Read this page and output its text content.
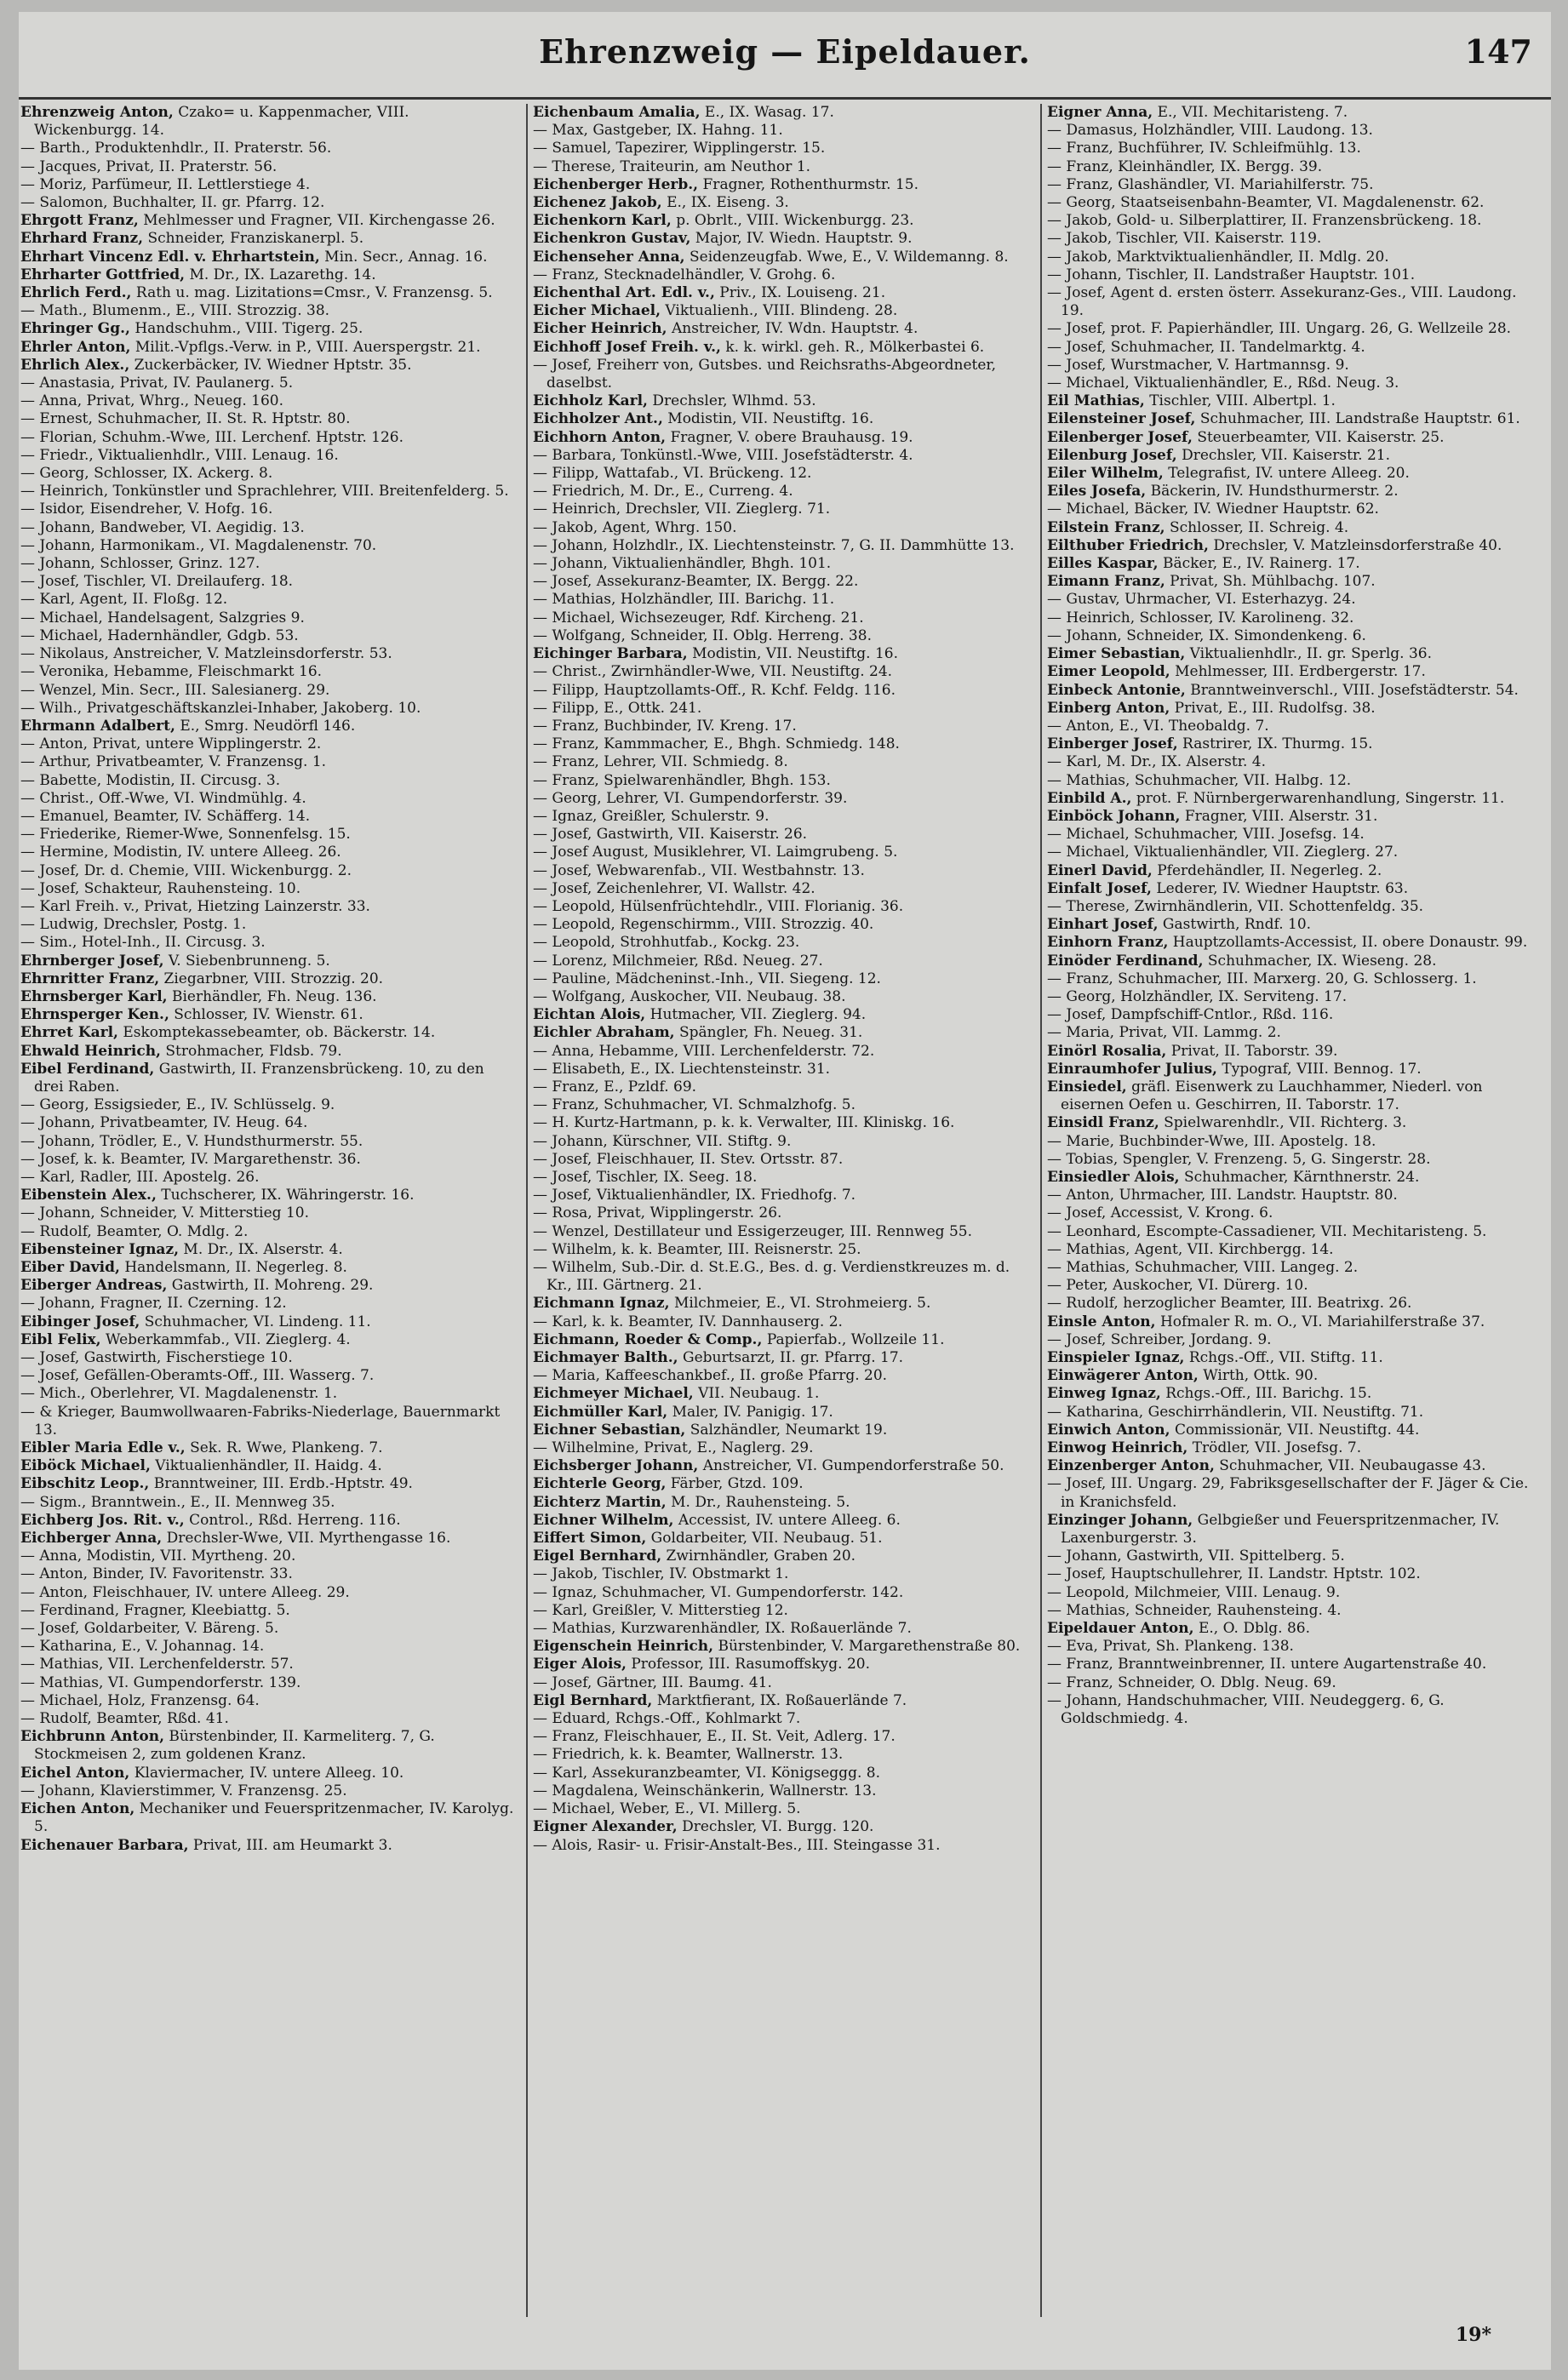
Ehrenzweig — Eipeldauer.	147

Ehrenzweig Anton, Czako= u. Kappenmacher, VIII. Wickenburgg. 14.

— Barth., Produktenhdlr., II. Praterstr. 56.

— Jacques, Privat, II. Praterstr. 56.

— Moriz, Parfümeur, II. Lettlerstiege 4.

— Salomon, Buchhalter, II. gr. Pfarrg. 12.

Ehrgott Franz, Mehlmesser und Fragner, VII. Kirchengasse 26.

Ehrhard Franz, Schneider, Franziskanerpl. 5.

Ehrhart Vincenz Edl. v. Ehrhartstein, Min. Secr., Annag. 16.

Ehrharter Gottfried, M. Dr., IX. Lazarethg. 14.

Ehrlich Ferd., Rath u. mag. Lizitations=Cmsr., V. Franzensg. 5.

— Math., Blumenm., E., VIII. Strozzig. 38.

Ehringer Gg., Handschuhm., VIII. Tigerg. 25.

Ehrler Anton, Milit.-Vpflgs.-Verw. in P., VIII. Auerspergstr. 21.

Ehrlich Alex., Zuckerbäcker, IV. Wiedner Hptstr. 35.

— Anastasia, Privat, IV. Paulanerg. 5.

— Anna, Privat, Whrg., Neueg. 160.

— Ernest, Schuhmacher, II. St. R. Hptstr. 80.

— Florian, Schuhm.-Wwe, III. Lerchenf. Hptstr. 126.

— Friedr., Viktualienhdlr., VIII. Lenaug. 16.

— Georg, Schlosser, IX. Ackerg. 8.

— Heinrich, Tonkünstler und Sprachlehrer, VIII. Breitenfelderg. 5.

— Isidor, Eisendreher, V. Hofg. 16.

— Johann, Bandweber, VI. Aegidig. 13.

— Johann, Harmonikam., VI. Magdalenenstr. 70.

— Johann, Schlosser, Grinz. 127.

— Josef, Tischler, VI. Dreilauferg. 18.

— Karl, Agent, II. Floßg. 12.

— Michael, Handelsagent, Salzgries 9.

— Michael, Hadernhändler, Gdgb. 53.

— Nikolaus, Anstreicher, V. Matzleinsdorferstr. 53.

— Veronika, Hebamme, Fleischmarkt 16.

— Wenzel, Min. Secr., III. Salesianerg. 29.

— Wilh., Privatgeschäftskanzlei-Inhaber, Jakoberg. 10.

Ehrmann Adalbert, E., Smrg. Neudörfl 146.

— Anton, Privat, untere Wipplingerstr. 2.

— Arthur, Privatbeamter, V. Franzensg. 1.

— Babette, Modistin, II. Circusg. 3.

— Christ., Off.-Wwe, VI. Windmühlg. 4.

— Emanuel, Beamter, IV. Schäfferg. 14.

— Friederike, Riemer-Wwe, Sonnenfelsg. 15.

— Hermine, Modistin, IV. untere Alleeg. 26.

— Josef, Dr. d. Chemie, VIII. Wickenburgg. 2.

— Josef, Schakteur, Rauhensteing. 10.

— Karl Freih. v., Privat, Hietzing Lainzerstr. 33.

— Ludwig, Drechsler, Postg. 1.

— Sim., Hotel-Inh., II. Circusg. 3.

Ehrnberger Josef, V. Siebenbrunneng. 5.

Ehrnritter Franz, Ziegarbner, VIII. Strozzig. 20.

Ehrnsberger Karl, Bierhändler, Fh. Neug. 136.

Ehrnsperger Ken., Schlosser, IV. Wienstr. 61.

Ehrret Karl, Eskomptekassebeamter, ob. Bäckerstr. 14.

Ehwald Heinrich, Strohmacher, Fldsb. 79.

Eibel Ferdinand, Gastwirth, II. Franzensbrückeng. 10, zu den drei Raben.

— Georg, Essigsieder, E., IV. Schlüsselg. 9.

— Johann, Privatbeamter, IV. Heug. 64.

— Johann, Trödler, E., V. Hundsthurmerstr. 55.

— Josef, k. k. Beamter, IV. Margarethenstr. 36.

— Karl, Radler, III. Apostelg. 26.

Eibenstein Alex., Tuchscherer, IX. Währingerstr. 16.

— Johann, Schneider, V. Mitterstieg 10.

— Rudolf, Beamter, O. Mdlg. 2.

Eibensteiner Ignaz, M. Dr., IX. Alserstr. 4.

Eiber David, Handelsmann, II. Negerleg. 8.

Eiberger Andreas, Gastwirth, II. Mohreng. 29.

— Johann, Fragner, II. Czerning. 12.

Eibinger Josef, Schuhmacher, VI. Lindeng. 11.

Eibl Felix, Weberkammfab., VII. Zieglerg. 4.

— Josef, Gastwirth, Fischerstiege 10.

— Josef, Gefällen-Oberamts-Off., III. Wasserg. 7.

— Mich., Oberlehrer, VI. Magdalenenstr. 1.

— & Krieger, Baumwollwaaren-Fabriks-Niederlage, Bauernmarkt 13.

Eibler Maria Edle v., Sek. R. Wwe, Plankeng. 7.

Eiböck Michael, Viktualienhändler, II. Haidg. 4.

Eibschitz Leop., Branntweiner, III. Erdb.-Hptstr. 49.

— Sigm., Branntwein., E., II. Mennweg 35.

Eichberg Jos. Rit. v., Control., Rßd. Herreng. 116.

Eichberger Anna, Drechsler-Wwe, VII. Myrthengasse 16.

— Anna, Modistin, VII. Myrtheng. 20.

— Anton, Binder, IV. Favoritenstr. 33.

— Anton, Fleischhauer, IV. untere Alleeg. 29.

— Ferdinand, Fragner, Kleebiattg. 5.

— Josef, Goldarbeiter, V. Bäreng. 5.

— Katharina, E., V. Johannag. 14.

— Mathias, VII. Lerchenfelderstr. 57.

— Mathias, VI. Gumpendorferstr. 139.

— Michael, Holz, Franzensg. 64.

— Rudolf, Beamter, Rßd. 41.

Eichbrunn Anton, Bürstenbinder, II. Karmeliterg. 7, G. Stockmeisen 2, zum goldenen Kranz.

Eichel Anton, Klaviermacher, IV. untere Alleeg. 10.

— Johann, Klavierstimmer, V. Franzensg. 25.

Eichen Anton, Mechaniker und Feuerspritzenmacher, IV. Karolyg. 5.

Eichenauer Barbara, Privat, III. am Heumarkt 3.

Eichenbaum Amalia, E., IX. Wasag. 17.

— Max, Gastgeber, IX. Hahng. 11.

— Samuel, Tapezirer, Wipplingerstr. 15.

— Therese, Traiteurin, am Neuthor 1.

Eichenberger Herb., Fragner, Rothenthurmstr. 15.

Eichenez Jakob, E., IX. Eiseng. 3.

Eichenkorn Karl, p. Obrlt., VIII. Wickenburgg. 23.

Eichenkron Gustav, Major, IV. Wiedn. Hauptstr. 9.

Eichenseher Anna, Seidenzeugfab. Wwe, E., V. Wildemanng. 8.

— Franz, Stecknadelhändler, V. Grohg. 6.

Eichenthal Art. Edl. v., Priv., IX. Louiseng. 21.

Eicher Michael, Viktualienh., VIII. Blindeng. 28.

Eicher Heinrich, Anstreicher, IV. Wdn. Hauptstr. 4.

Eichhoff Josef Freih. v., k. k. wirkl. geh. R., Mölkerbastei 6.

— Josef, Freiherr von, Gutsbes. und Reichsraths-Abgeordneter, daselbst.

Eichholz Karl, Drechsler, Wlhmd. 53.

Eichholzer Ant., Modistin, VII. Neustiftg. 16.

Eichhorn Anton, Fragner, V. obere Brauhausg. 19.

— Barbara, Tonkünstl.-Wwe, VIII. Josefstädterstr. 4.

— Filipp, Wattafab., VI. Brückeng. 12.

— Friedrich, M. Dr., E., Curreng. 4.

— Heinrich, Drechsler, VII. Zieglerg. 71.

— Jakob, Agent, Whrg. 150.

— Johann, Holzhdlr., IX. Liechtensteinstr. 7, G. II. Dammhütte 13.

— Johann, Viktualienhändler, Bhgh. 101.

— Josef, Assekuranz-Beamter, IX. Bergg. 22.

— Mathias, Holzhändler, III. Barichg. 11.

— Michael, Wichsezeuger, Rdf. Kircheng. 21.

— Wolfgang, Schneider, II. Oblg. Herreng. 38.

Eichinger Barbara, Modistin, VII. Neustiftg. 16.

— Christ., Zwirnhändler-Wwe, VII. Neustiftg. 24.

— Filipp, Hauptzollamts-Off., R. Kchf. Feldg. 116.

— Filipp, E., Ottk. 241.

— Franz, Buchbinder, IV. Kreng. 17.

— Franz, Kammmacher, E., Bhgh. Schmiedg. 148.

— Franz, Lehrer, VII. Schmiedg. 8.

— Franz, Spielwarenhändler, Bhgh. 153.

— Georg, Lehrer, VI. Gumpendorferstr. 39.

— Ignaz, Greißler, Schulerstr. 9.

— Josef, Gastwirth, VII. Kaiserstr. 26.

— Josef August, Musiklehrer, VI. Laimgrubeng. 5.

— Josef, Webwarenfab., VII. Westbahnstr. 13.

— Josef, Zeichenlehrer, VI. Wallstr. 42.

— Leopold, Hülsenfrüchtehdlr., VIII. Florianig. 36.

— Leopold, Regenschirmm., VIII. Strozzig. 40.

— Leopold, Strohhutfab., Kockg. 23.

— Lorenz, Milchmeier, Rßd. Neueg. 27.

— Pauline, Mädcheninst.-Inh., VII. Siegeng. 12.

— Wolfgang, Auskocher, VII. Neubaug. 38.

Eichtan Alois, Hutmacher, VII. Zieglerg. 94.

Eichler Abraham, Spängler, Fh. Neueg. 31.

— Anna, Hebamme, VIII. Lerchenfelderstr. 72.

— Elisabeth, E., IX. Liechtensteinstr. 31.

— Franz, E., Pzldf. 69.

— Franz, Schuhmacher, VI. Schmalzhofg. 5.

— H. Kurtz-Hartmann, p. k. k. Verwalter, III. Kliniskg. 16.

— Johann, Kürschner, VII. Stiftg. 9.

— Josef, Fleischhauer, II. Stev. Ortsstr. 87.

— Josef, Tischler, IX. Seeg. 18.

— Josef, Viktualienhändler, IX. Friedhofg. 7.

— Rosa, Privat, Wipplingerstr. 26.

— Wenzel, Destillateur und Essigerzeuger, III. Rennweg 55.

— Wilhelm, k. k. Beamter, III. Reisnerstr. 25.

— Wilhelm, Sub.-Dir. d. St.E.G., Bes. d. g. Verdienstkreuzes m. d. Kr., III. Gärtnerg. 21.

Eichmann Ignaz, Milchmeier, E., VI. Strohmeierg. 5.

— Karl, k. k. Beamter, IV. Dannhauserg. 2.

Eichmann, Roeder & Comp., Papierfab., Wollzeile 11.

Eichmayer Balth., Geburtsarzt, II. gr. Pfarrg. 17.

— Maria, Kaffeeschankbef., II. große Pfarrg. 20.

Eichmeyer Michael, VII. Neubaug. 1.

Eichmüller Karl, Maler, IV. Panigig. 17.

Eichner Sebastian, Salzhändler, Neumarkt 19.

— Wilhelmine, Privat, E., Naglerg. 29.

Eichsberger Johann, Anstreicher, VI. Gumpendorferstraße 50.

Eichterle Georg, Färber, Gtzd. 109.

Eichterz Martin, M. Dr., Rauhensteing. 5.

Eichner Wilhelm, Accessist, IV. untere Alleeg. 6.

Eiffert Simon, Goldarbeiter, VII. Neubaug. 51.

Eigel Bernhard, Zwirnhändler, Graben 20.

— Jakob, Tischler, IV. Obstmarkt 1.

— Ignaz, Schuhmacher, VI. Gumpendorferstr. 142.

— Karl, Greißler, V. Mitterstieg 12.

— Mathias, Kurzwarenhändler, IX. Roßauerlände 7.

Eigenschein Heinrich, Bürstenbinder, V. Margarethenstraße 80.

Eiger Alois, Professor, III. Rasumoffskyg. 20.

— Josef, Gärtner, III. Baumg. 41.

Eigl Bernhard, Marktfierant, IX. Roßauerlände 7.

— Eduard, Rchgs.-Off., Kohlmarkt 7.

— Franz, Fleischhauer, E., II. St. Veit, Adlerg. 17.

— Friedrich, k. k. Beamter, Wallnerstr. 13.

— Karl, Assekuranzbeamter, VI. Königseggg. 8.

— Magdalena, Weinschänkerin, Wallnerstr. 13.

— Michael, Weber, E., VI. Millerg. 5.

Eigner Alexander, Drechsler, VI. Burgg. 120.

— Alois, Rasir- u. Frisir-Anstalt-Bes., III. Steingasse 31.

Eigner Anna, E., VII. Mechitaristeng. 7.

— Damasus, Holzhändler, VIII. Laudong. 13.

— Franz, Buchführer, IV. Schleifmühlg. 13.

— Franz, Kleinhändler, IX. Bergg. 39.

— Franz, Glashändler, VI. Mariahilferstr. 75.

— Georg, Staatseisenbahn-Beamter, VI. Magdalenenstr. 62.

— Jakob, Gold- u. Silberplattirer, II. Franzensbrückeng. 18.

— Jakob, Tischler, VII. Kaiserstr. 119.

— Jakob, Marktviktualienhändler, II. Mdlg. 20.

— Johann, Tischler, II. Landstraßer Hauptstr. 101.

— Josef, Agent d. ersten österr. Assekuranz-Ges., VIII. Laudong. 19.

— Josef, prot. F. Papierhändler, III. Ungarg. 26, G. Wellzeile 28.

— Josef, Schuhmacher, II. Tandelmarktg. 4.

— Josef, Wurstmacher, V. Hartmannsg. 9.

— Michael, Viktualienhändler, E., Rßd. Neug. 3.

Eil Mathias, Tischler, VIII. Albertpl. 1.

Eilensteiner Josef, Schuhmacher, III. Landstraße Hauptstr. 61.

Eilenberger Josef, Steuerbeamter, VII. Kaiserstr. 25.

Eilenburg Josef, Drechsler, VII. Kaiserstr. 21.

Eiler Wilhelm, Telegrafist, IV. untere Alleeg. 20.

Eiles Josefa, Bäckerin, IV. Hundsthurmerstr. 2.

— Michael, Bäcker, IV. Wiedner Hauptstr. 62.

Eilstein Franz, Schlosser, II. Schreig. 4.

Eilthuber Friedrich, Drechsler, V. Matzleinsdorferstraße 40.

Eilles Kaspar, Bäcker, E., IV. Rainerg. 17.

Eimann Franz, Privat, Sh. Mühlbachg. 107.

— Gustav, Uhrmacher, VI. Esterhazyg. 24.

— Heinrich, Schlosser, IV. Karolineng. 32.

— Johann, Schneider, IX. Simondenkeng. 6.

Eimer Sebastian, Viktualienhdlr., II. gr. Sperlg. 36.

Eimer Leopold, Mehlmesser, III. Erdbergerstr. 17.

Einbeck Antonie, Branntweinverschl., VIII. Josefstädterstr. 54.

Einberg Anton, Privat, E., III. Rudolfsg. 38.

— Anton, E., VI. Theobaldg. 7.

Einberger Josef, Rastrirer, IX. Thurmg. 15.

— Karl, M. Dr., IX. Alserstr. 4.

— Mathias, Schuhmacher, VII. Halbg. 12.

Einbild A., prot. F. Nürnbergerwarenhandlung, Singerstr. 11.

Einböck Johann, Fragner, VIII. Alserstr. 31.

— Michael, Schuhmacher, VIII. Josefsg. 14.

— Michael, Viktualienhändler, VII. Zieglerg. 27.

Einerl David, Pferdehändler, II. Negerleg. 2.

Einfalt Josef, Lederer, IV. Wiedner Hauptstr. 63.

— Therese, Zwirnhändlerin, VII. Schottenfeldg. 35.

Einhart Josef, Gastwirth, Rndf. 10.

Einhorn Franz, Hauptzollamts-Accessist, II. obere Donaustr. 99.

Einöder Ferdinand, Schuhmacher, IX. Wieseng. 28.

— Franz, Schuhmacher, III. Marxerg. 20, G. Schlosserg. 1.

— Georg, Holzhändler, IX. Serviteng. 17.

— Josef, Dampfschiff-Cntlor., Rßd. 116.

— Maria, Privat, VII. Lammg. 2.

Einörl Rosalia, Privat, II. Taborstr. 39.

Einraumhofer Julius, Typograf, VIII. Bennog. 17.

Einsiedel, gräfl. Eisenwerk zu Lauchhammer, Niederl. von eisernen Oefen u. Geschirren, II. Taborstr. 17.

Einsidl Franz, Spielwarenhdlr., VII. Richterg. 3.

— Marie, Buchbinder-Wwe, III. Apostelg. 18.

— Tobias, Spengler, V. Frenzeng. 5, G. Singerstr. 28.

Einsiedler Alois, Schuhmacher, Kärnthnerstr. 24.

— Anton, Uhrmacher, III. Landstr. Hauptstr. 80.

— Josef, Accessist, V. Krong. 6.

— Leonhard, Escompte-Cassadiener, VII. Mechitaristeng. 5.

— Mathias, Agent, VII. Kirchbergg. 14.

— Mathias, Schuhmacher, VIII. Langeg. 2.

— Peter, Auskocher, VI. Dürerg. 10.

— Rudolf, herzoglicher Beamter, III. Beatrixg. 26.

Einsle Anton, Hofmaler R. m. O., VI. Mariahilferstraße 37.

— Josef, Schreiber, Jordang. 9.

Einspieler Ignaz, Rchgs.-Off., VII. Stiftg. 11.

Einwägerer Anton, Wirth, Ottk. 90.

Einweg Ignaz, Rchgs.-Off., III. Barichg. 15.

— Katharina, Geschirrhändlerin, VII. Neustiftg. 71.

Einwich Anton, Commissionär, VII. Neustiftg. 44.

Einwog Heinrich, Trödler, VII. Josefsg. 7.

Einzenberger Anton, Schuhmacher, VII. Neubaugasse 43.

— Josef, III. Ungarg. 29, Fabriksgesellschafter der F. Jäger & Cie. in Kranichsfeld.

Einzinger Johann, Gelbgießer und Feuerspritzenmacher, IV. Laxenburgerstr. 3.

— Johann, Gastwirth, VII. Spittelberg. 5.

— Josef, Hauptschullehrer, II. Landstr. Hptstr. 102.

— Leopold, Milchmeier, VIII. Lenaug. 9.

— Mathias, Schneider, Rauhensteing. 4.

Eipeldauer Anton, E., O. Dblg. 86.

— Eva, Privat, Sh. Plankeng. 138.

— Franz, Branntweinbrenner, II. untere Augartenstraße 40.

— Franz, Schneider, O. Dblg. Neug. 69.

— Johann, Handschuhmacher, VIII. Neudeggerg. 6, G. Goldschmiedg. 4.

19*
